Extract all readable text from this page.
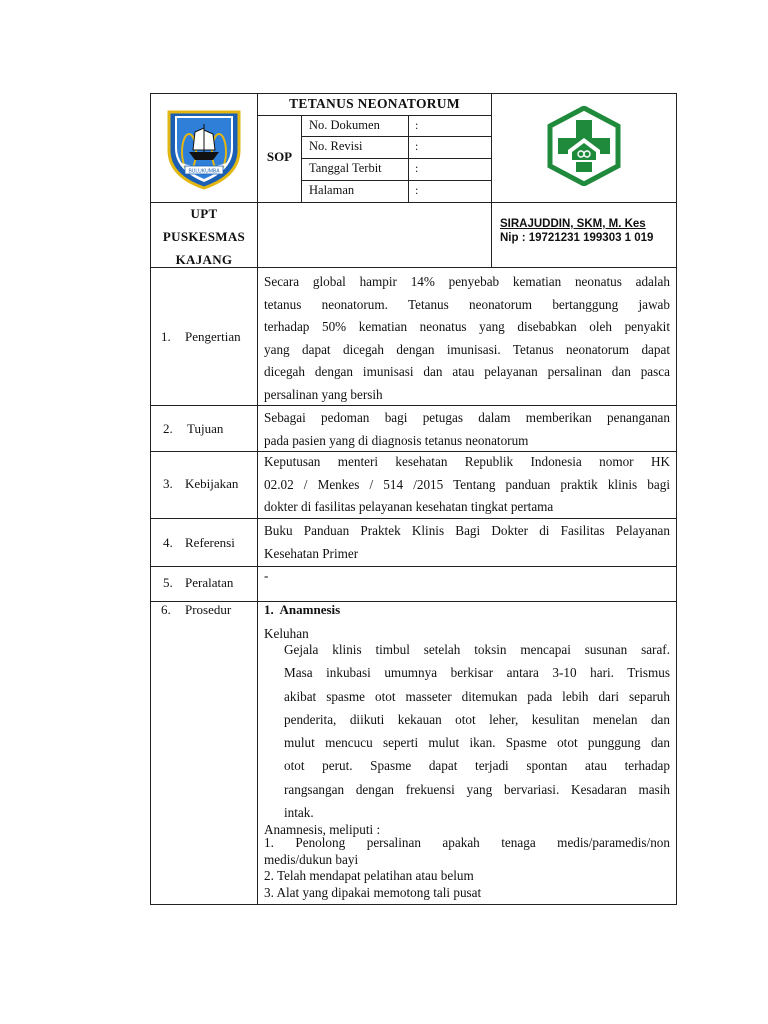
BULUKUMBA
TETANUS NEONATORUM
SOP
No. Dokumen	:
No. Revisi	:
Tanggal Terbit	:
Halaman	:
UPT
PUSKESMAS
KAJANG
SIRAJUDDIN, SKM, M. Kes
Nip : 19721231 199303 1 019
1. Pengertian

Secara global hampir 14% penyebab kematian neonatus adalah

tetanus neonatorum. Tetanus neonatorum bertanggung jawab

terhadap 50% kematian neonatus yang disebabkan oleh penyakit

yang dapat dicegah dengan imunisasi. Tetanus neonatorum dapat

dicegah dengan imunisasi dan atau pelayanan persalinan dan pasca

persalinan yang bersih

2. Tujuan

Sebagai pedoman bagi petugas dalam memberikan penanganan

pada pasien yang di diagnosis tetanus neonatorum

3. Kebijakan

Keputusan menteri kesehatan Republik Indonesia nomor HK

02.02 / Menkes / 514 /2015 Tentang panduan praktik klinis bagi

dokter di fasilitas pelayanan kesehatan tingkat pertama

4. Referensi

Buku Panduan Praktek Klinis Bagi Dokter di Fasilitas Pelayanan

Kesehatan Primer

5. Peralatan -

6. Prosedur	1.  Anamnesis
Keluhan

Gejala klinis timbul setelah toksin mencapai susunan saraf.

Masa inkubasi umumnya berkisar antara 3-10 hari. Trismus

akibat spasme otot masseter ditemukan pada lebih dari separuh

penderita, diikuti kekauan otot leher, kesulitan menelan dan

mulut mencucu seperti mulut ikan. Spasme otot punggung dan

otot perut. Spasme dapat terjadi spontan atau terhadap

rangsangan dengan frekuensi yang bervariasi. Kesadaran masih

intak.

Anamnesis, meliputi :

1. Penolong persalinan apakah tenaga medis/paramedis/non

medis/dukun bayi

2. Telah mendapat pelatihan atau belum

3. Alat yang dipakai memotong tali pusat
